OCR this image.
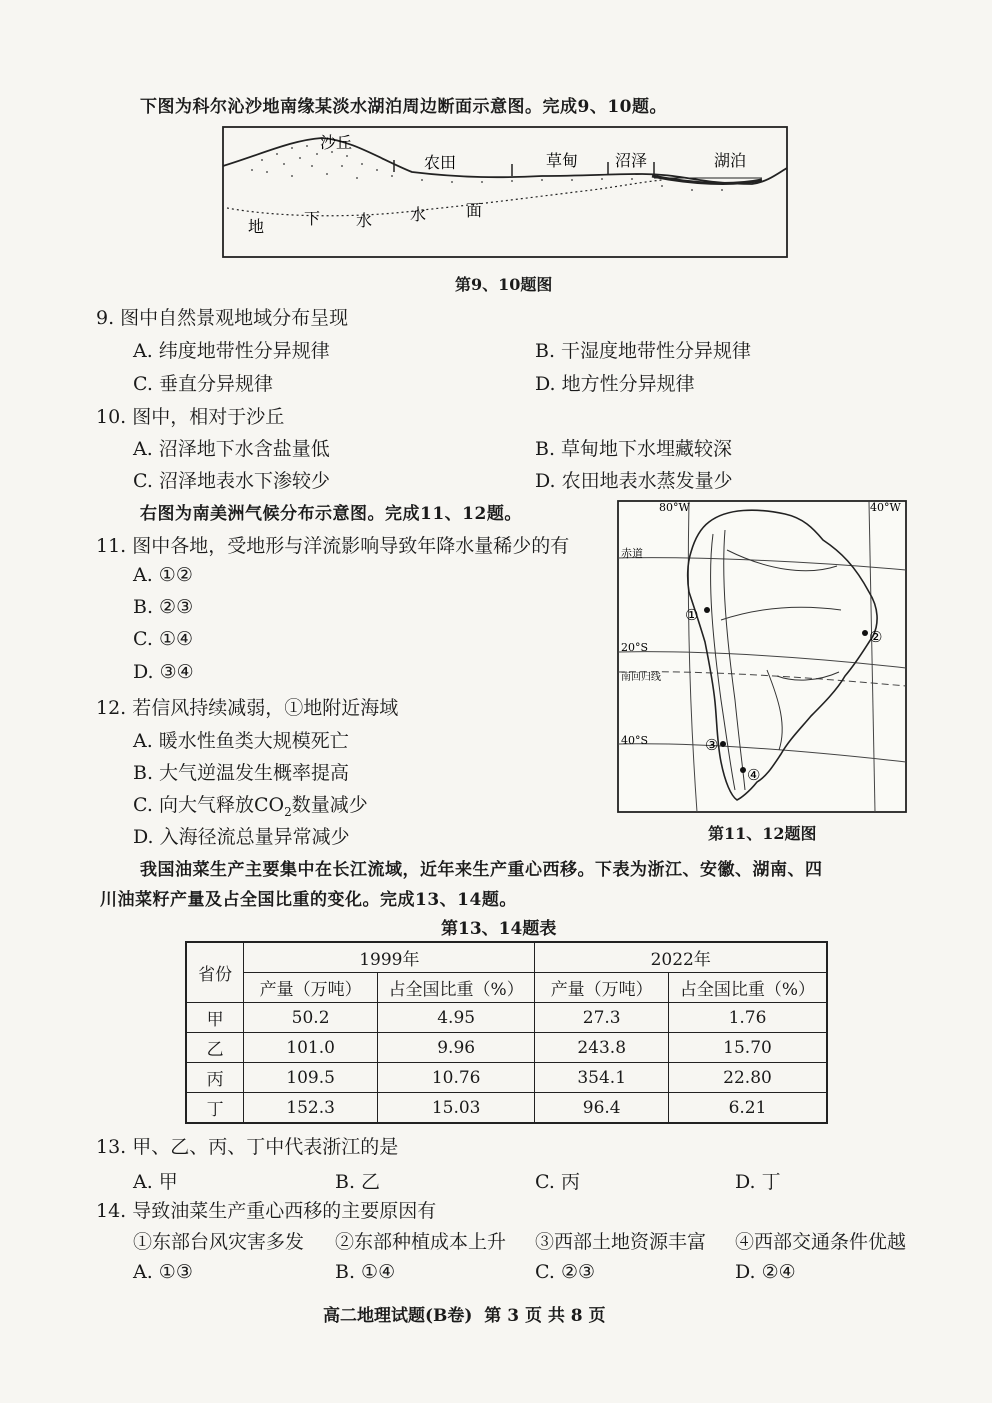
下图为科尔沁沙地南缘某淡水湖泊周边断面示意图。完成9、10题。
沙丘
农田	草甸 沼泽	湖泊
地 下 水 水 面
第9、10题图
9. 图中自然景观地域分布呈现
A. 纬度地带性分异规律	B. 干湿度地带性分异规律
C. 垂直分异规律	D. 地方性分异规律
10. 图中，相对于沙丘
A. 沼泽地下水含盐量低	B. 草甸地下水埋藏较深
C. 沼泽地表水下渗较少	D. 农田地表水蒸发量少
右图为南美洲气候分布示意图。完成11、12题。
11. 图中各地，受地形与洋流影响导致年降水量稀少的有
A. ①②
B. ②③
C. ①④
D. ③④
12. 若信风持续减弱，①地附近海域
A. 暖水性鱼类大规模死亡
B. 大气逆温发生概率提高
C. 向大气释放$CO_2$数量减少
D. 入海径流总量异常减少
80°W	40°W
赤道
20°S
南回归线
40°S
①
②
③
④
第11、12题图
我国油菜生产主要集中在长江流域，近年来生产重心西移。下表为浙江、安徽、湖南、四
川油菜籽产量及占全国比重的变化。完成13、14题。
第13、14题表
省份	1999年		2022年	
	产量（万吨）	占全国比重（%）	产量（万吨）	占全国比重（%）
甲	50.2	4.95	27.3	1.76
乙	101.0	9.96	243.8	15.70
丙	109.5	10.76	354.1	22.80
丁	152.3	15.03	96.4	6.21
13. 甲、乙、丙、丁中代表浙江的是
A. 甲	B. 乙	C. 丙	D. 丁
14. 导致油菜生产重心西移的主要原因有
①东部台风灾害多发 ②东部种植成本上升 ③西部土地资源丰富 ④西部交通条件优越
A. ①③	B. ①④	C. ②③	D. ②④
高二地理试题(B卷)  第 3 页 共 8 页
